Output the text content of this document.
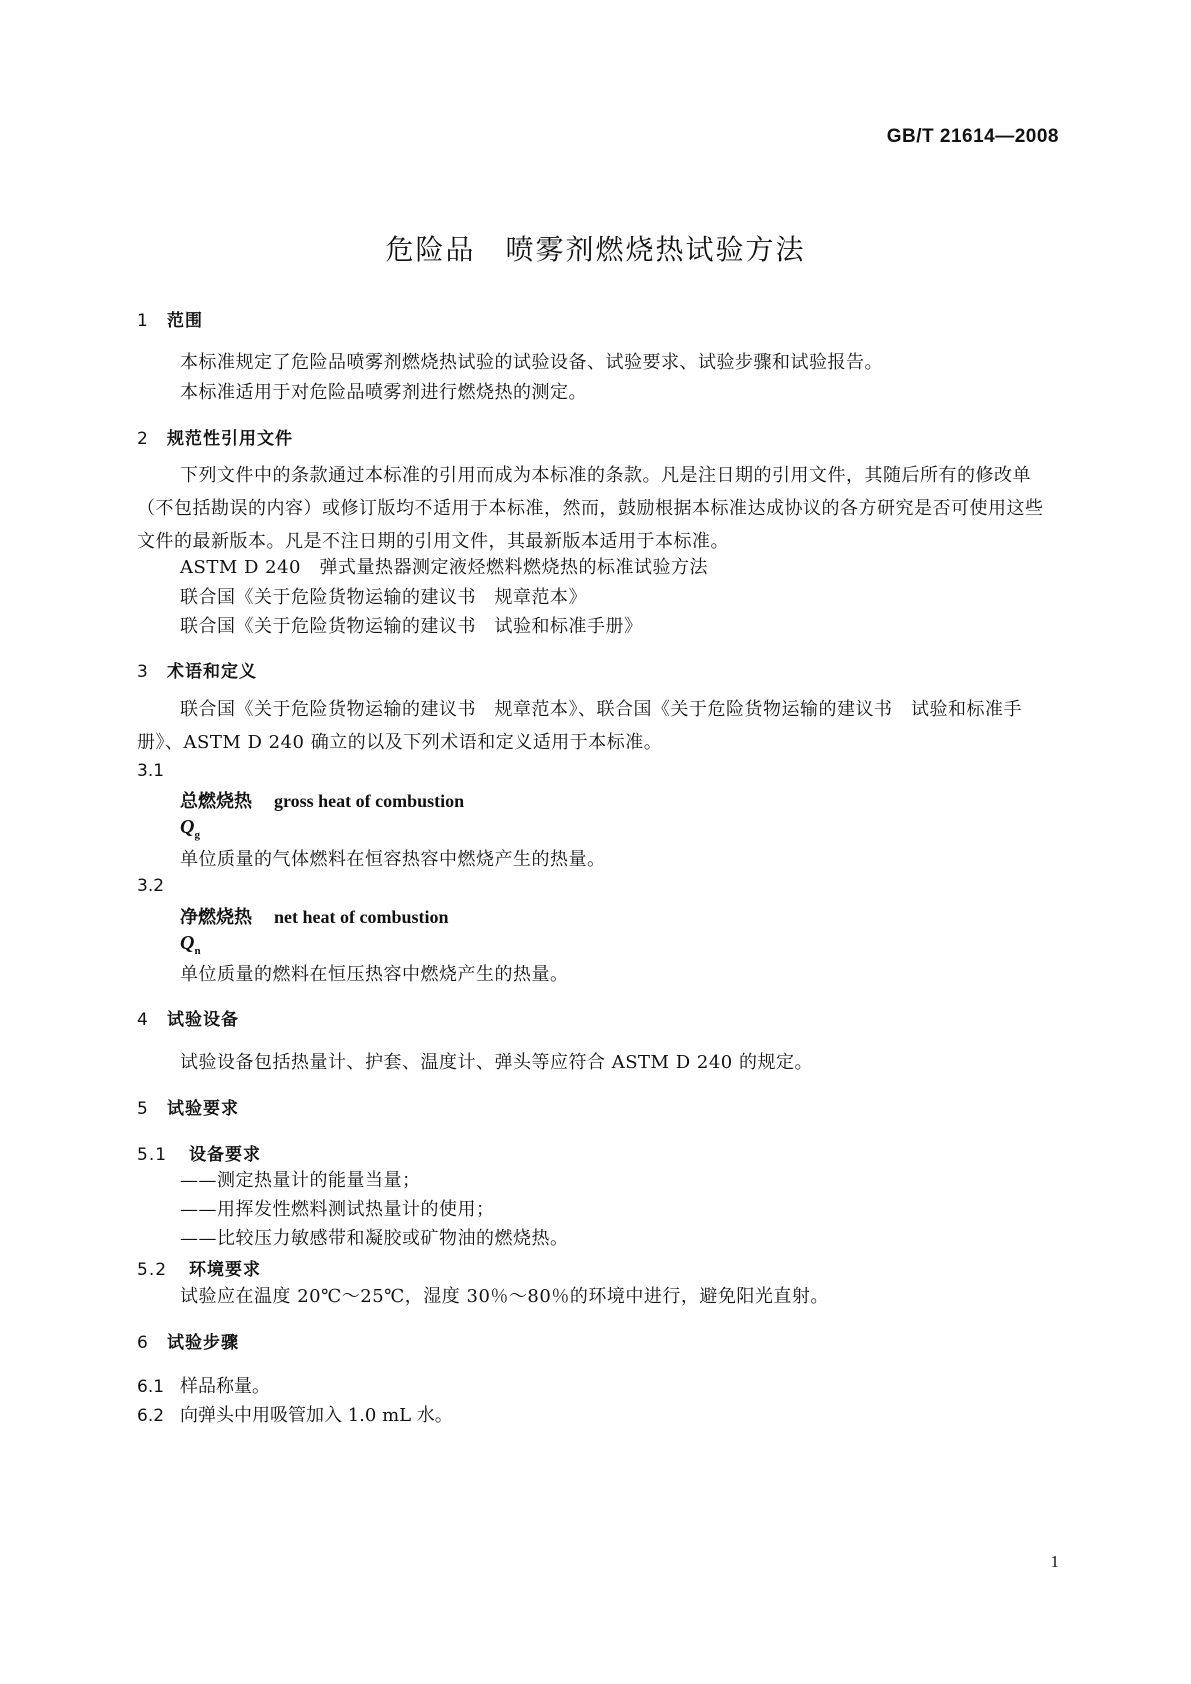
GB/T 21614—2008
危险品　喷雾剂燃烧热试验方法
1 范围
本标准规定了危险品喷雾剂燃烧热试验的试验设备、试验要求、试验步骤和试验报告。
本标准适用于对危险品喷雾剂进行燃烧热的测定。
2 规范性引用文件
下列文件中的条款通过本标准的引用而成为本标准的条款。凡是注日期的引用文件，其随后所有的修改单（不包括勘误的内容）或修订版均不适用于本标准，然而，鼓励根据本标准达成协议的各方研究是否可使用这些文件的最新版本。凡是不注日期的引用文件，其最新版本适用于本标准。
ASTM D 240　弹式量热器测定液烃燃料燃烧热的标准试验方法
联合国《关于危险货物运输的建议书　规章范本》
联合国《关于危险货物运输的建议书　试验和标准手册》
3 术语和定义
联合国《关于危险货物运输的建议书　规章范本》、联合国《关于危险货物运输的建议书　试验和标准手册》、ASTM D 240 确立的以及下列术语和定义适用于本标准。
3.1
总燃烧热 gross heat of combustion
$Q_g$
单位质量的气体燃料在恒容热容中燃烧产生的热量。
3.2
净燃烧热 net heat of combustion
$Q_n$
单位质量的燃料在恒压热容中燃烧产生的热量。
4 试验设备
试验设备包括热量计、护套、温度计、弹头等应符合 ASTM D 240 的规定。
5 试验要求
5.1 设备要求
——测定热量计的能量当量；
——用挥发性燃料测试热量计的使用；
——比较压力敏感带和凝胶或矿物油的燃烧热。
5.2 环境要求
试验应在温度 20℃～25℃，湿度 30％～80％的环境中进行，避免阳光直射。
6 试验步骤
6.1 样品称量。
6.2 向弹头中用吸管加入 1.0 mL 水。
1
